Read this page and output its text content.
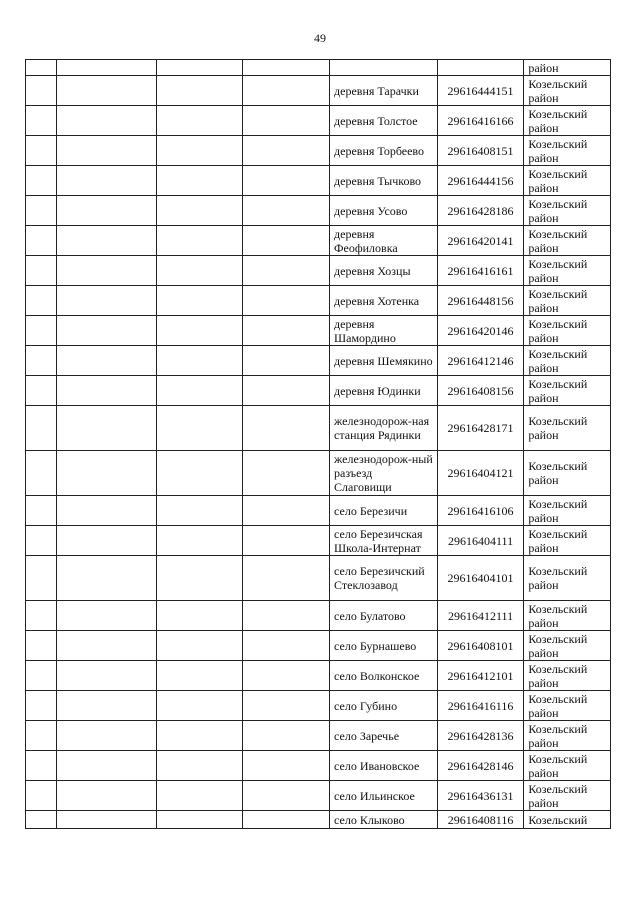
49
						район
				деревня Тарачки	29616444151	Козельский район
				деревня Толстое	29616416166	Козельский район
				деревня Торбеево	29616408151	Козельский район
				деревня Тычково	29616444156	Козельский район
				деревня Усово	29616428186	Козельский район
				деревня Феофиловка	29616420141	Козельский район
				деревня Хозцы	29616416161	Козельский район
				деревня Хотенка	29616448156	Козельский район
				деревня Шамордино	29616420146	Козельский район
				деревня Шемякино	29616412146	Козельский район
				деревня Юдинки	29616408156	Козельский район
				железнодорож-ная станция Рядинки	29616428171	Козельский район
				железнодорож-ный разъезд Слаговищи	29616404121	Козельский район
				село Березичи	29616416106	Козельский район
				село Березичская Школа-Интернат	29616404111	Козельский район
				село Березичский Стеклозавод	29616404101	Козельский район
				село Булатово	29616412111	Козельский район
				село Бурнашево	29616408101	Козельский район
				село Волконское	29616412101	Козельский район
				село Губино	29616416116	Козельский район
				село Заречье	29616428136	Козельский район
				село Ивановское	29616428146	Козельский район
				село Ильинское	29616436131	Козельский район
				село Клыково	29616408116	Козельский
